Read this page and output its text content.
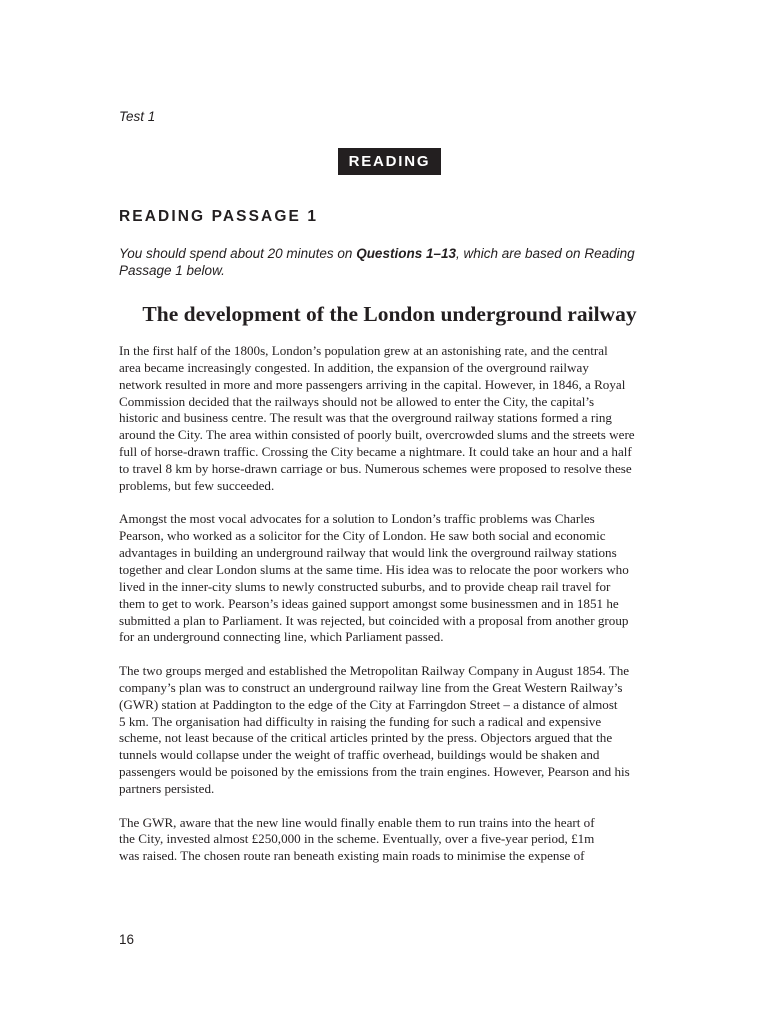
Test 1
READING
READING PASSAGE 1
You should spend about 20 minutes on Questions 1–13, which are based on Reading Passage 1 below.
The development of the London underground railway

In the first half of the 1800s, London’s population grew at an astonishing rate, and the central
area became increasingly congested. In addition, the expansion of the overground railway
network resulted in more and more passengers arriving in the capital. However, in 1846, a Royal
Commission decided that the railways should not be allowed to enter the City, the capital’s
historic and business centre. The result was that the overground railway stations formed a ring
around the City. The area within consisted of poorly built, overcrowded slums and the streets were
full of horse-drawn traffic. Crossing the City became a nightmare. It could take an hour and a half
to travel 8 km by horse-drawn carriage or bus. Numerous schemes were proposed to resolve these
problems, but few succeeded.

Amongst the most vocal advocates for a solution to London’s traffic problems was Charles
Pearson, who worked as a solicitor for the City of London. He saw both social and economic
advantages in building an underground railway that would link the overground railway stations
together and clear London slums at the same time. His idea was to relocate the poor workers who
lived in the inner-city slums to newly constructed suburbs, and to provide cheap rail travel for
them to get to work. Pearson’s ideas gained support amongst some businessmen and in 1851 he
submitted a plan to Parliament. It was rejected, but coincided with a proposal from another group
for an underground connecting line, which Parliament passed.

The two groups merged and established the Metropolitan Railway Company in August 1854. The
company’s plan was to construct an underground railway line from the Great Western Railway’s
(GWR) station at Paddington to the edge of the City at Farringdon Street – a distance of almost
5 km. The organisation had difficulty in raising the funding for such a radical and expensive
scheme, not least because of the critical articles printed by the press. Objectors argued that the
tunnels would collapse under the weight of traffic overhead, buildings would be shaken and
passengers would be poisoned by the emissions from the train engines. However, Pearson and his
partners persisted.

The GWR, aware that the new line would finally enable them to run trains into the heart of
the City, invested almost £250,000 in the scheme. Eventually, over a five-year period, £1m
was raised. The chosen route ran beneath existing main roads to minimise the expense of

16
